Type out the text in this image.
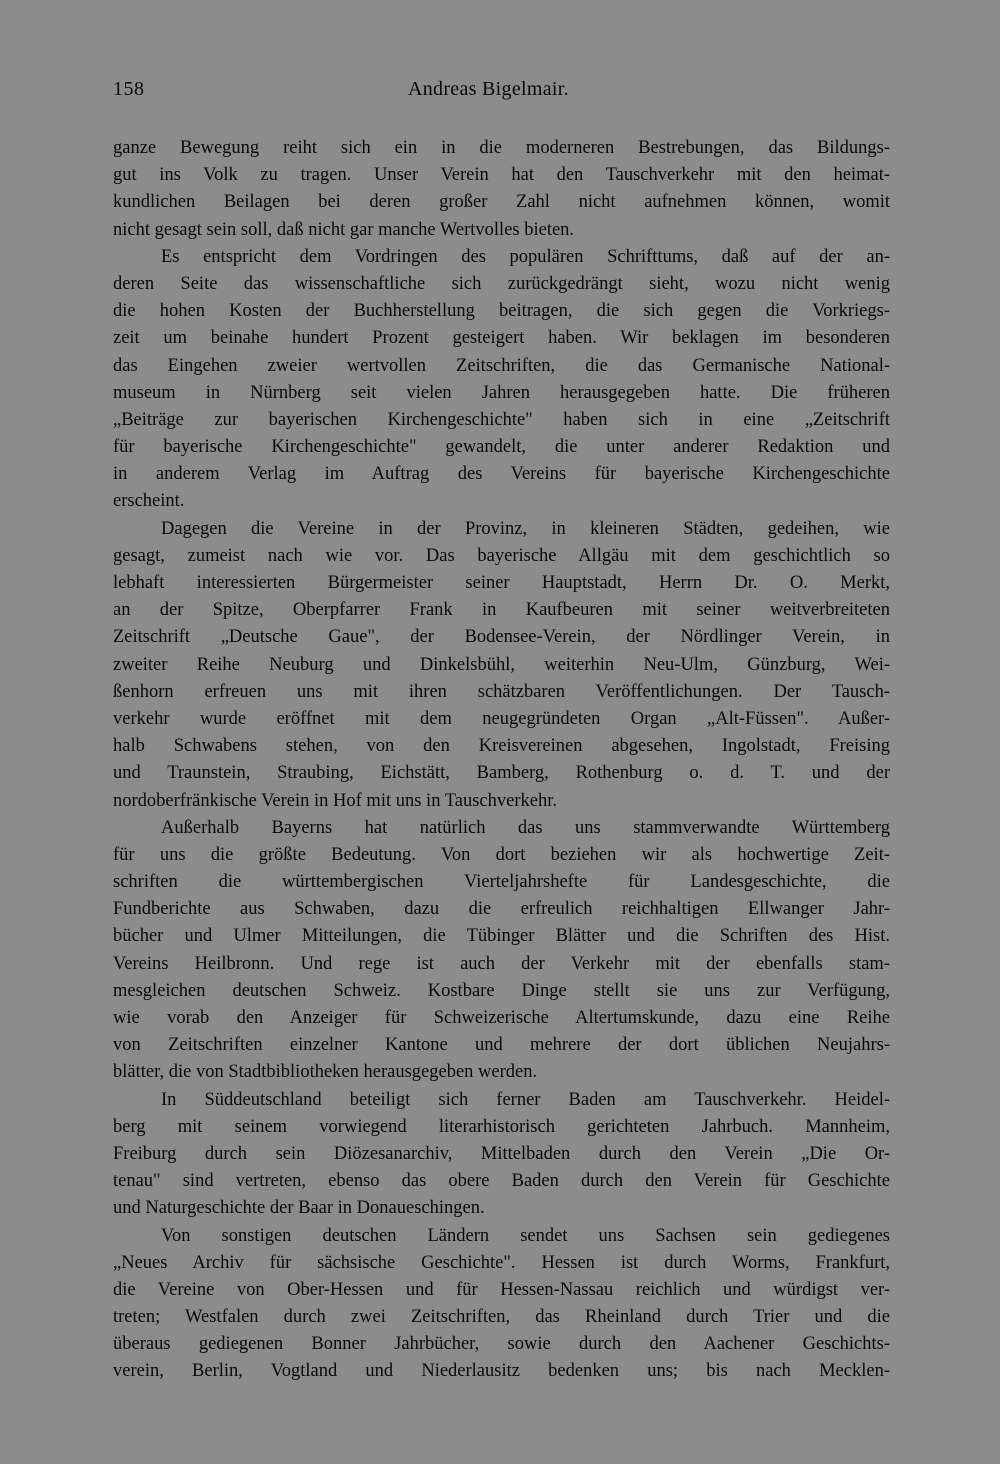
158	Andreas Bigelmair.
ganze Bewegung reiht sich ein in die moderneren Bestrebungen, das Bildungs-
gut ins Volk zu tragen. Unser Verein hat den Tauschverkehr mit den heimat-
kundlichen Beilagen bei deren großer Zahl nicht aufnehmen können, womit
nicht gesagt sein soll, daß nicht gar manche Wertvolles bieten.
Es entspricht dem Vordringen des populären Schrifttums, daß auf der an-
deren Seite das wissenschaftliche sich zurückgedrängt sieht, wozu nicht wenig
die hohen Kosten der Buchherstellung beitragen, die sich gegen die Vorkriegs-
zeit um beinahe hundert Prozent gesteigert haben. Wir beklagen im besonderen
das Eingehen zweier wertvollen Zeitschriften, die das Germanische National-
museum in Nürnberg seit vielen Jahren herausgegeben hatte. Die früheren
„Beiträge zur bayerischen Kirchengeschichte" haben sich in eine „Zeitschrift
für bayerische Kirchengeschichte" gewandelt, die unter anderer Redaktion und
in anderem Verlag im Auftrag des Vereins für bayerische Kirchengeschichte
erscheint.
Dagegen die Vereine in der Provinz, in kleineren Städten, gedeihen, wie
gesagt, zumeist nach wie vor. Das bayerische Allgäu mit dem geschichtlich so
lebhaft interessierten Bürgermeister seiner Hauptstadt, Herrn Dr. O. Merkt,
an der Spitze, Oberpfarrer Frank in Kaufbeuren mit seiner weitverbreiteten
Zeitschrift „Deutsche Gaue", der Bodensee-Verein, der Nördlinger Verein, in
zweiter Reihe Neuburg und Dinkelsbühl, weiterhin Neu-Ulm, Günzburg, Wei-
ßenhorn erfreuen uns mit ihren schätzbaren Veröffentlichungen. Der Tausch-
verkehr wurde eröffnet mit dem neugegründeten Organ „Alt-Füssen". Außer-
halb Schwabens stehen, von den Kreisvereinen abgesehen, Ingolstadt, Freising
und Traunstein, Straubing, Eichstätt, Bamberg, Rothenburg o. d. T. und der
nordoberfränkische Verein in Hof mit uns in Tauschverkehr.
Außerhalb Bayerns hat natürlich das uns stammverwandte Württemberg
für uns die größte Bedeutung. Von dort beziehen wir als hochwertige Zeit-
schriften die württembergischen Vierteljahrshefte für Landesgeschichte, die
Fundberichte aus Schwaben, dazu die erfreulich reichhaltigen Ellwanger Jahr-
bücher und Ulmer Mitteilungen, die Tübinger Blätter und die Schriften des Hist.
Vereins Heilbronn. Und rege ist auch der Verkehr mit der ebenfalls stam-
mesgleichen deutschen Schweiz. Kostbare Dinge stellt sie uns zur Verfügung,
wie vorab den Anzeiger für Schweizerische Altertumskunde, dazu eine Reihe
von Zeitschriften einzelner Kantone und mehrere der dort üblichen Neujahrs-
blätter, die von Stadtbibliotheken herausgegeben werden.
In Süddeutschland beteiligt sich ferner Baden am Tauschverkehr. Heidel-
berg mit seinem vorwiegend literarhistorisch gerichteten Jahrbuch. Mannheim,
Freiburg durch sein Diözesanarchiv, Mittelbaden durch den Verein „Die Or-
tenau" sind vertreten, ebenso das obere Baden durch den Verein für Geschichte
und Naturgeschichte der Baar in Donaueschingen.
Von sonstigen deutschen Ländern sendet uns Sachsen sein gediegenes
„Neues Archiv für sächsische Geschichte". Hessen ist durch Worms, Frankfurt,
die Vereine von Ober-Hessen und für Hessen-Nassau reichlich und würdigst ver-
treten; Westfalen durch zwei Zeitschriften, das Rheinland durch Trier und die
überaus gediegenen Bonner Jahrbücher, sowie durch den Aachener Geschichts-
verein, Berlin, Vogtland und Niederlausitz bedenken uns; bis nach Mecklen-
